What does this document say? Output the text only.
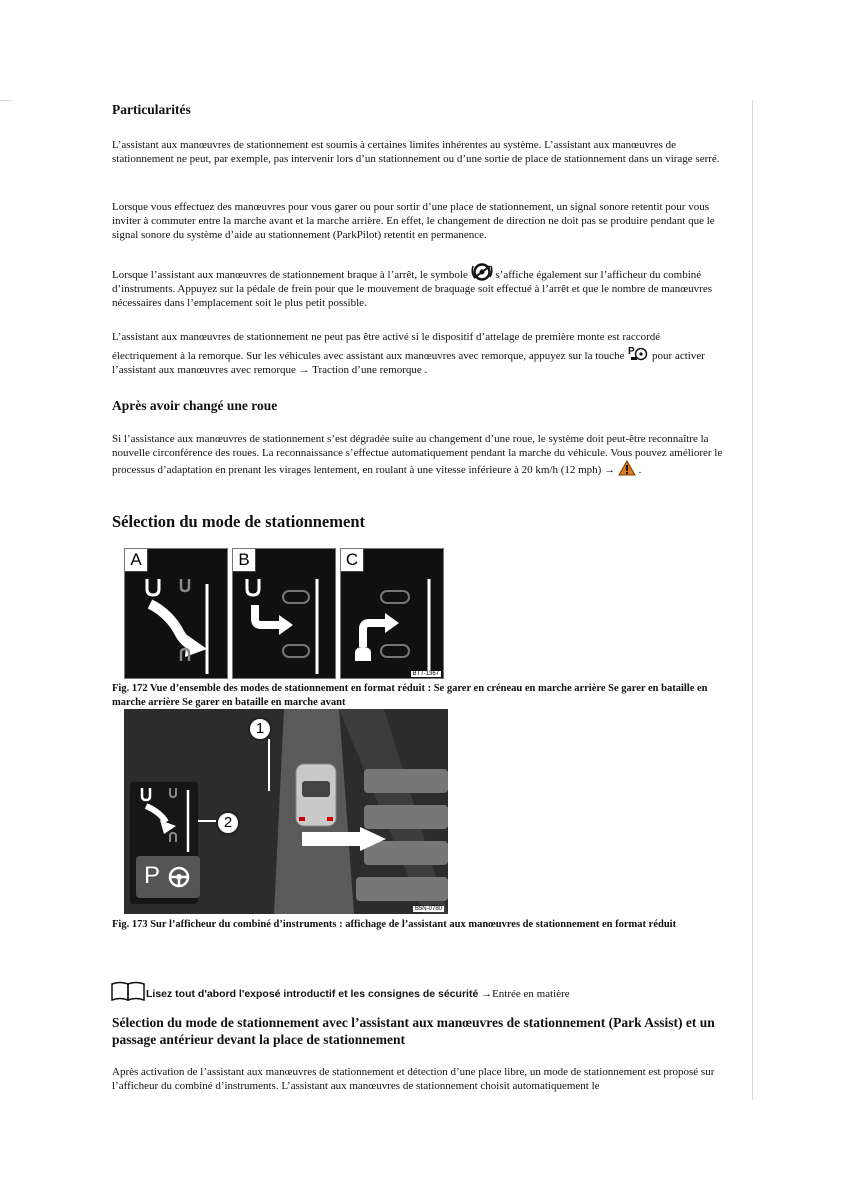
Particularités

L’assistant aux manœuvres de stationnement est soumis à certaines limites inhérentes au système. L’assistant aux manœuvres de stationnement ne peut, par exemple, pas intervenir lors d’un stationnement ou d’une sortie de place de stationnement dans un virage serré.

Lorsque vous effectuez des manœuvres pour vous garer ou pour sortir d’une place de stationnement, un signal sonore retentit pour vous inviter à commuter entre la marche avant et la marche arrière. En effet, le changement de direction ne doit pas se produire pendant que le signal sonore du système d’aide au stationnement (ParkPilot) retentit en permanence.

Lorsque l’assistant aux manœuvres de stationnement braque à l’arrêt, le symbole	s’affiche également sur l’afficheur du combiné d’instruments. Appuyez sur la pédale de frein pour que le mouvement de braquage soit effectué à l’arrêt et que le nombre de manœuvres nécessaires dans l’emplacement soit le plus petit possible.

L’assistant aux manœuvres de stationnement ne peut pas être activé si le dispositif d’attelage de première monte est raccordé électriquement à la remorque. Sur les véhicules avec assistant aux manœuvres avec remorque, appuyez sur la touche P pour activer l’assistant aux manœuvres avec remorque → Traction d’une remorque .

Après avoir changé une roue

Si l’assistance aux manœuvres de stationnement s’est dégradée suite au changement d’une roue, le système doit peut-être reconnaître la nouvelle circonférence des roues. La reconnaissance s’effectue automatiquement pendant la marche du véhicule. Vous pouvez améliorer le processus d’adaptation en prenant les virages lentement, en roulant à une vitesse inférieure à 20 km/h (12 mph) →  .

Sélection du mode de stationnement

A	B	C
BTT-1367

Fig. 172 Vue d’ensemble des modes de stationnement en format réduit : Se garer en créneau en marche arrière Se garer en bataille en marche arrière Se garer en bataille en marche avant

P
1
2
B5N-0780

Fig. 173 Sur l’afficheur du combiné d’instruments : affichage de l’assistant aux manœuvres de stationnement en format réduit

Lisez tout d'abord l'exposé introductif et les consignes de sécurité →Entrée en matière

Sélection du mode de stationnement avec l’assistant aux manœuvres de stationnement (Park Assist) et un passage antérieur devant la place de stationnement

Après activation de l’assistant aux manœuvres de stationnement et détection d’une place libre, un mode de stationnement est proposé sur l’afficheur du combiné d’instruments. L’assistant aux manœuvres de stationnement choisit automatiquement le
